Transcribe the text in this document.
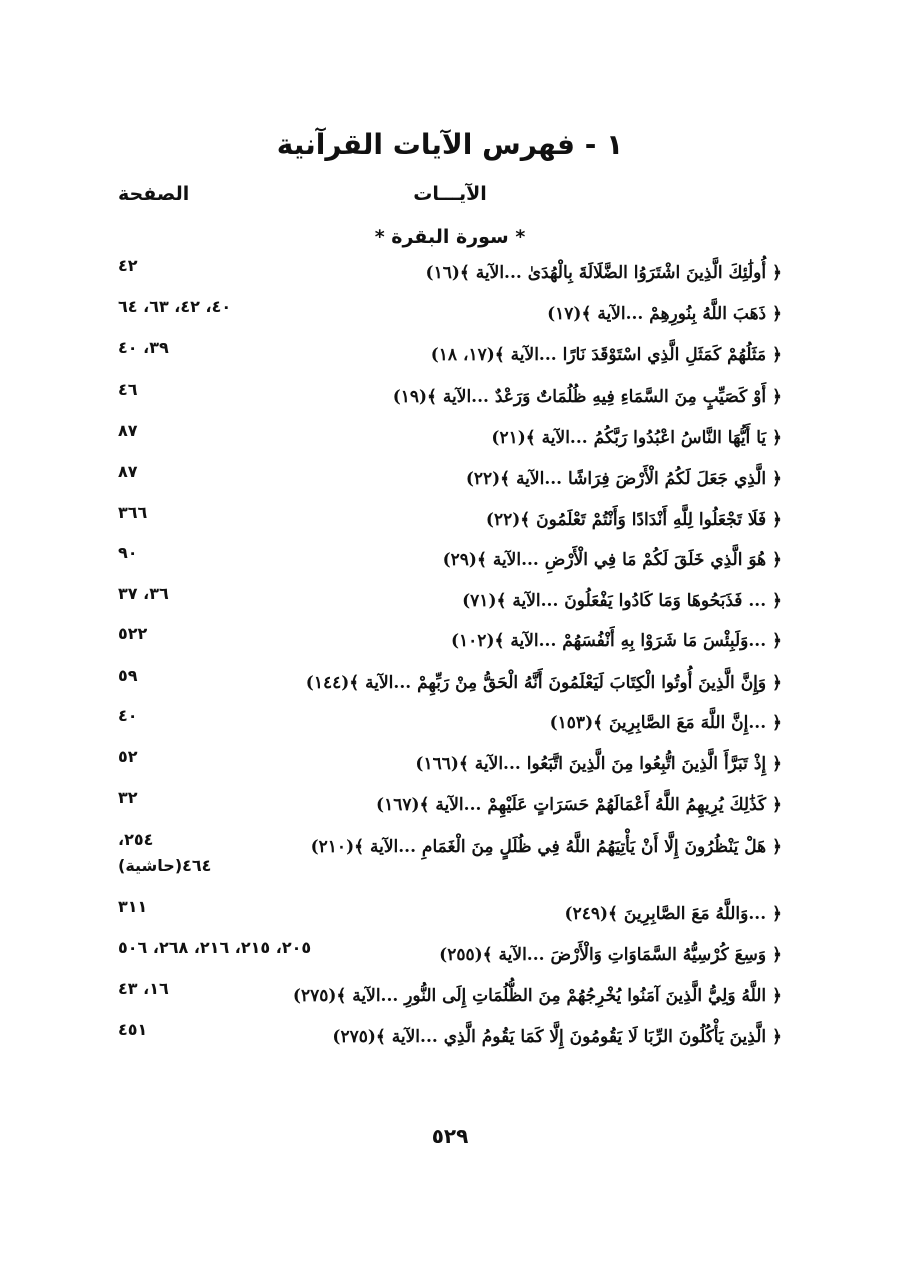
١ - فهرس الآيات القرآنية
الآيـــات
الصفحة
* سورة البقرة *
﴿ أُولَٰئِكَ الَّذِينَ اشْتَرَوُا الضَّلَالَةَ بِالْهُدَىٰ ...الآية ﴾(١٦)
٤٢
﴿ ذَهَبَ اللَّهُ بِنُورِهِمْ ...الآية ﴾(١٧)
٤٠، ٤٢، ٦٣، ٦٤
﴿ مَثَلُهُمْ كَمَثَلِ الَّذِي اسْتَوْقَدَ نَارًا ...الآية ﴾(١٧، ١٨)
٣٩، ٤٠
﴿ أَوْ كَصَيِّبٍ مِنَ السَّمَاءِ فِيهِ ظُلُمَاتٌ وَرَعْدٌ ...الآية ﴾(١٩)
٤٦
﴿ يَا أَيُّهَا النَّاسُ اعْبُدُوا رَبَّكُمُ ...الآية ﴾(٢١)
٨٧
﴿ الَّذِي جَعَلَ لَكُمُ الْأَرْضَ فِرَاشًا ...الآية ﴾(٢٢)
٨٧
﴿ فَلَا تَجْعَلُوا لِلَّهِ أَنْدَادًا وَأَنْتُمْ تَعْلَمُونَ ﴾(٢٢)
٣٦٦
﴿ هُوَ الَّذِي خَلَقَ لَكُمْ مَا فِي الْأَرْضِ ...الآية ﴾(٢٩)
٩٠
﴿ ... فَذَبَحُوهَا وَمَا كَادُوا يَفْعَلُونَ ...الآية ﴾(٧١)
٣٦، ٣٧
﴿ ...وَلَبِئْسَ مَا شَرَوْا بِهِ أَنْفُسَهُمْ ...الآية ﴾(١٠٢)
٥٢٢
﴿ وَإِنَّ الَّذِينَ أُوتُوا الْكِتَابَ لَيَعْلَمُونَ أَنَّهُ الْحَقُّ مِنْ رَبِّهِمْ ...الآية ﴾(١٤٤)
٥٩
﴿ ...إِنَّ اللَّهَ مَعَ الصَّابِرِينَ ﴾(١٥٣)
٤٠
﴿ إِذْ تَبَرَّأَ الَّذِينَ اتُّبِعُوا مِنَ الَّذِينَ اتَّبَعُوا ...الآية ﴾(١٦٦)
٥٢
﴿ كَذَٰلِكَ يُرِيهِمُ اللَّهُ أَعْمَالَهُمْ حَسَرَاتٍ عَلَيْهِمْ ...الآية ﴾(١٦٧)
٣٢
﴿ هَلْ يَنْظُرُونَ إِلَّا أَنْ يَأْتِيَهُمُ اللَّهُ فِي ظُلَلٍ مِنَ الْغَمَامِ ...الآية ﴾(٢١٠)
٢٥٤،
٤٦٤(حاشية)
﴿ ...وَاللَّهُ مَعَ الصَّابِرِينَ ﴾(٢٤٩)
٣١١
﴿ وَسِعَ كُرْسِيُّهُ السَّمَاوَاتِ وَالْأَرْضَ ...الآية ﴾(٢٥٥)
٢٠٥، ٢١٥، ٢١٦، ٢٦٨، ٥٠٦
﴿ اللَّهُ وَلِيُّ الَّذِينَ آمَنُوا يُخْرِجُهُمْ مِنَ الظُّلُمَاتِ إِلَى النُّورِ ...الآية ﴾(٢٧٥)
١٦، ٤٣
﴿ الَّذِينَ يَأْكُلُونَ الرِّبَا لَا يَقُومُونَ إِلَّا كَمَا يَقُومُ الَّذِي ...الآية ﴾(٢٧٥)
٤٥١
٥٢٩
